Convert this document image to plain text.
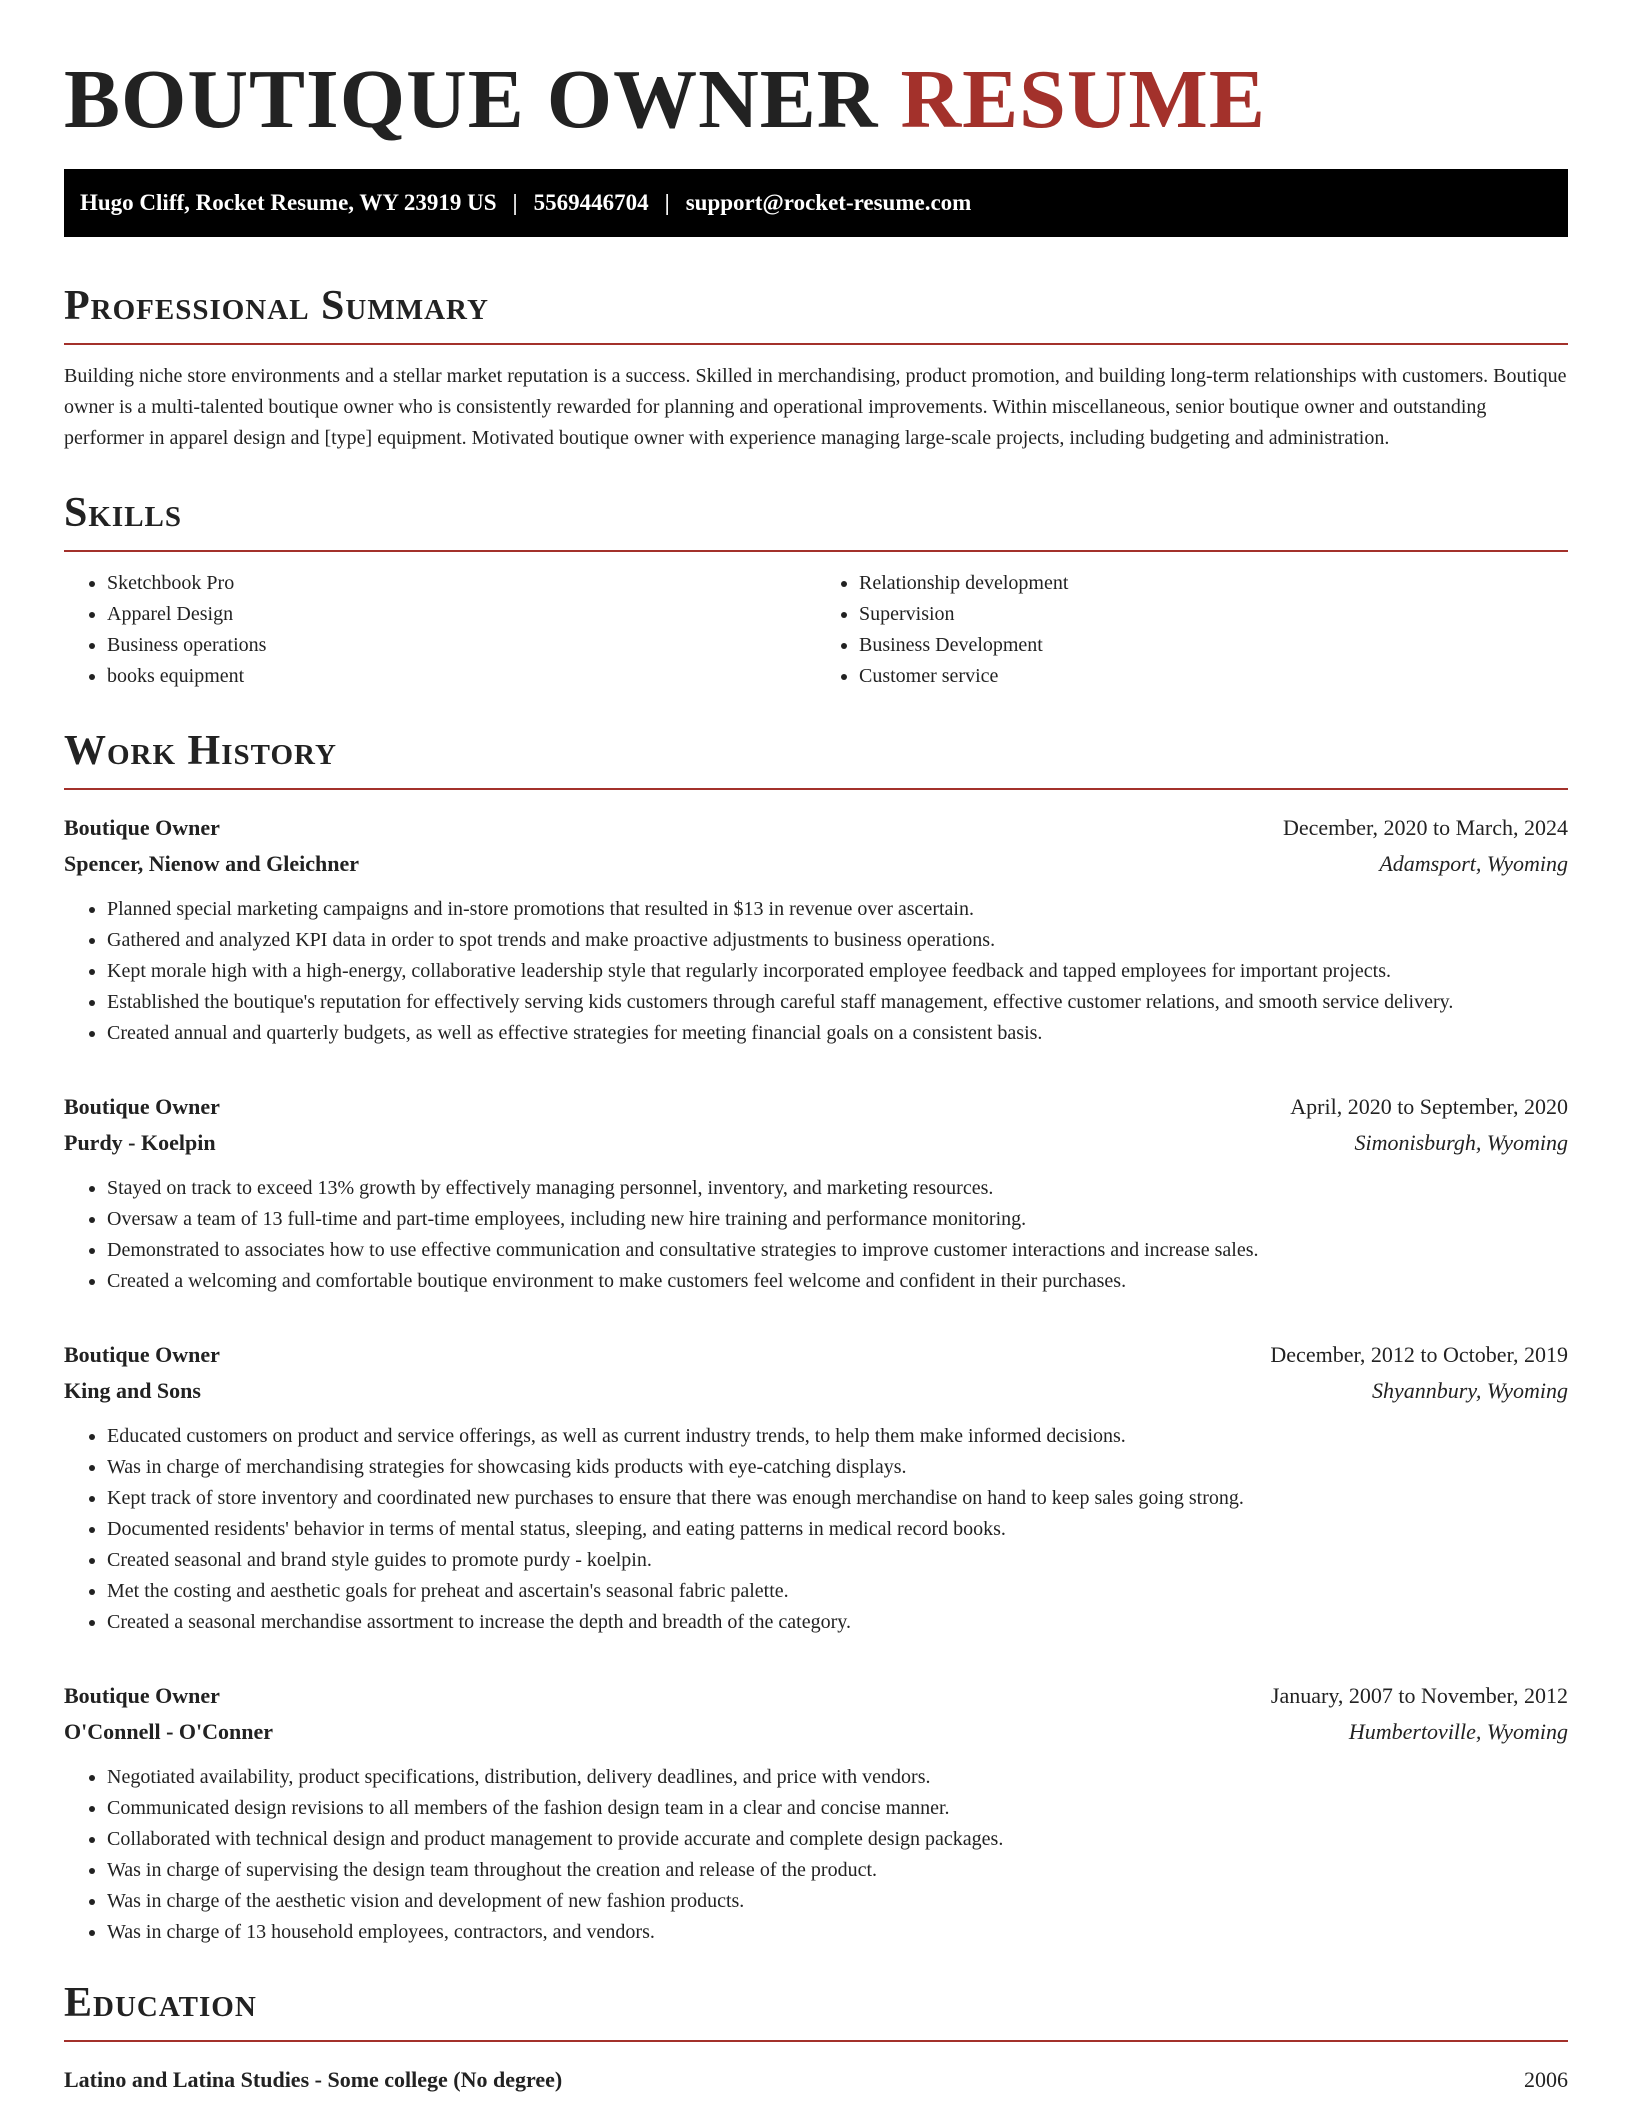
BOUTIQUE OWNER RESUME
Hugo Cliff, Rocket Resume, WY 23919 US | 5569446704 | support@rocket-resume.com
Professional Summary

Building niche store environments and a stellar market reputation is a success. Skilled in merchandising, product promotion, and building long-term relationships with customers. Boutique owner is a multi-talented boutique owner who is consistently rewarded for planning and operational improvements. Within miscellaneous, senior boutique owner and outstanding performer in apparel design and [type] equipment. Motivated boutique owner with experience managing large-scale projects, including budgeting and administration.

Skills
• Sketchbook Pro
• Apparel Design
• Business operations
• books equipment
• Relationship development
• Supervision
• Business Development
• Customer service
Work History
Boutique Owner	December, 2020 to March, 2024
Spencer, Nienow and Gleichner	Adamsport, Wyoming
• Planned special marketing campaigns and in-store promotions that resulted in $13 in revenue over ascertain.
• Gathered and analyzed KPI data in order to spot trends and make proactive adjustments to business operations.
• Kept morale high with a high-energy, collaborative leadership style that regularly incorporated employee feedback and tapped employees for important projects.
• Established the boutique's reputation for effectively serving kids customers through careful staff management, effective customer relations, and smooth service delivery.
• Created annual and quarterly budgets, as well as effective strategies for meeting financial goals on a consistent basis.
Boutique Owner	April, 2020 to September, 2020
Purdy - Koelpin	Simonisburgh, Wyoming
• Stayed on track to exceed 13% growth by effectively managing personnel, inventory, and marketing resources.
• Oversaw a team of 13 full-time and part-time employees, including new hire training and performance monitoring.
• Demonstrated to associates how to use effective communication and consultative strategies to improve customer interactions and increase sales.
• Created a welcoming and comfortable boutique environment to make customers feel welcome and confident in their purchases.
Boutique Owner	December, 2012 to October, 2019
King and Sons	Shyannbury, Wyoming
• Educated customers on product and service offerings, as well as current industry trends, to help them make informed decisions.
• Was in charge of merchandising strategies for showcasing kids products with eye-catching displays.
• Kept track of store inventory and coordinated new purchases to ensure that there was enough merchandise on hand to keep sales going strong.
• Documented residents' behavior in terms of mental status, sleeping, and eating patterns in medical record books.
• Created seasonal and brand style guides to promote purdy - koelpin.
• Met the costing and aesthetic goals for preheat and ascertain's seasonal fabric palette.
• Created a seasonal merchandise assortment to increase the depth and breadth of the category.
Boutique Owner	January, 2007 to November, 2012
O'Connell - O'Conner	Humbertoville, Wyoming
• Negotiated availability, product specifications, distribution, delivery deadlines, and price with vendors.
• Communicated design revisions to all members of the fashion design team in a clear and concise manner.
• Collaborated with technical design and product management to provide accurate and complete design packages.
• Was in charge of supervising the design team throughout the creation and release of the product.
• Was in charge of the aesthetic vision and development of new fashion products.
• Was in charge of 13 household employees, contractors, and vendors.
Education
Latino and Latina Studies - Some college (No degree)	2006
